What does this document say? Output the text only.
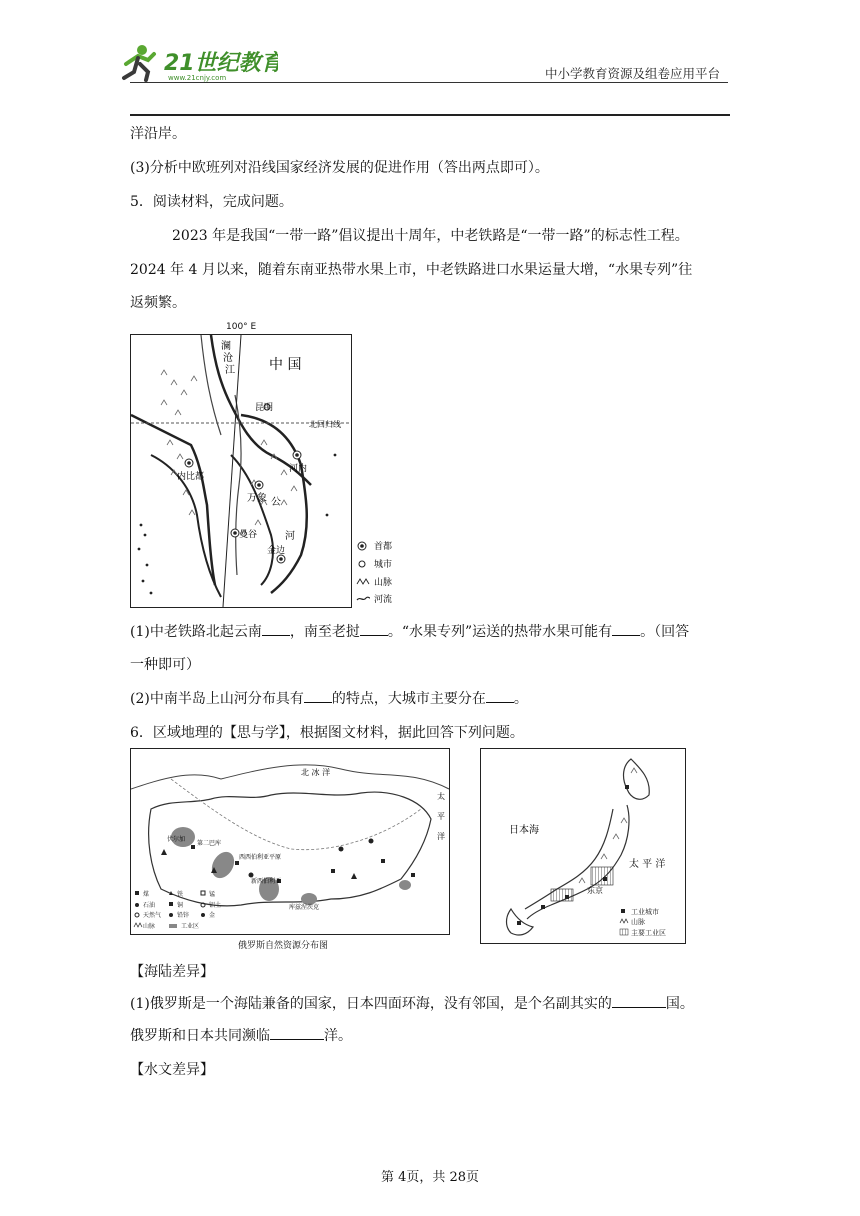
21世纪教育
www.21cnjy.com	中小学教育资源及组卷应用平台
洋沿岸。
(3)分析中欧班列对沿线国家经济发展的促进作用（答出两点即可）。
5．阅读材料，完成问题。
2023 年是我国“一带一路”倡议提出十周年，中老铁路是“一带一路”的标志性工程。
2024 年 4 月以来，随着东南亚热带水果上市，中老铁路进口水果运量大增，“水果专列”往
返频繁。
中 国
澜
沧
江
昆明
北回归线
内比都
河内
万象 公
河
曼谷
金边
100° E
首都
城市
山脉
河流
(1)中老铁路北起云南 ，南至老挝 。“水果专列”运送的热带水果可能有 。（回答
一种即可）
(2)中南半岛上山河分布具有 的特点，大城市主要分在 。
6．区域地理的【思与学】，根据图文材料，据此回答下列问题。
北 冰 洋
太
平
洋
西西伯利亚平原
伏尔加
第二巴库
新西伯利亚
库兹涅茨克
煤	铁	锰
石油	铜	铝土
天然气	铅锌	金
山脉	工业区
俄罗斯自然资源分布图
日本海
太 平 洋
东京
工业城市
山脉
主要工业区
【海陆差异】
(1)俄罗斯是一个海陆兼备的国家，日本四面环海，没有邻国，是个名副其实的	国。
俄罗斯和日本共同濒临	洋。
【水文差异】
第 4页，共 28页
